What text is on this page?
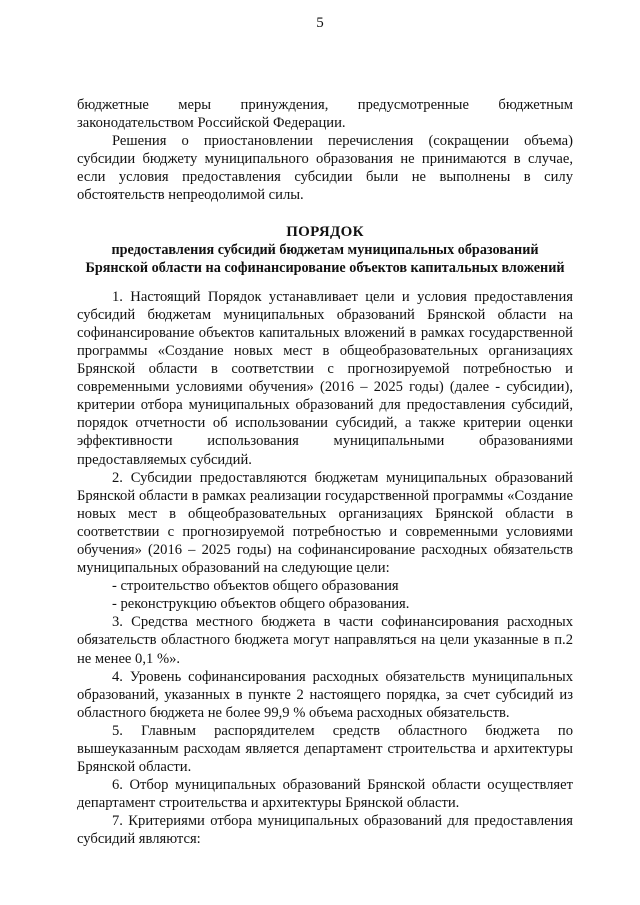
5

бюджетные меры принуждения, предусмотренные бюджетным законодательством Российской Федерации.

Решения о приостановлении перечисления (сокращении объема) субсидии бюджету муниципального образования не принимаются в случае, если условия предоставления субсидии были не выполнены в силу обстоятельств непреодолимой силы.

ПОРЯДОК
предоставления субсидий бюджетам муниципальных образований
Брянской области на софинансирование объектов капитальных вложений

1. Настоящий Порядок устанавливает цели и условия предоставления субсидий бюджетам муниципальных образований Брянской области на софинансирование объектов капитальных вложений в рамках государственной программы «Создание новых мест в общеобразовательных организациях Брянской области в соответствии с прогнозируемой потребностью и современными условиями обучения» (2016 – 2025 годы) (далее - субсидии), критерии отбора муниципальных образований для предоставления субсидий, порядок отчетности об использовании субсидий, а также критерии оценки эффективности использования муниципальными образованиями предоставляемых субсидий.

2. Субсидии предоставляются бюджетам муниципальных образований Брянской области в рамках реализации государственной программы «Создание новых мест в общеобразовательных организациях Брянской области в соответствии с прогнозируемой потребностью и современными условиями обучения» (2016 – 2025 годы) на софинансирование расходных обязательств муниципальных образований на следующие цели:

- строительство объектов общего образования

- реконструкцию объектов общего образования.

3. Средства местного бюджета в части софинансирования расходных обязательств областного бюджета могут направляться на цели указанные в п.2 не менее 0,1 %».

4. Уровень софинансирования расходных обязательств муниципальных образований, указанных в пункте 2 настоящего порядка, за счет субсидий из областного бюджета не более 99,9 % объема расходных обязательств.

5. Главным распорядителем средств областного бюджета по вышеуказанным расходам является департамент строительства и архитектуры Брянской области.

6. Отбор муниципальных образований Брянской области осуществляет департамент строительства и архитектуры Брянской области.

7. Критериями отбора муниципальных образований для предоставления субсидий являются:
